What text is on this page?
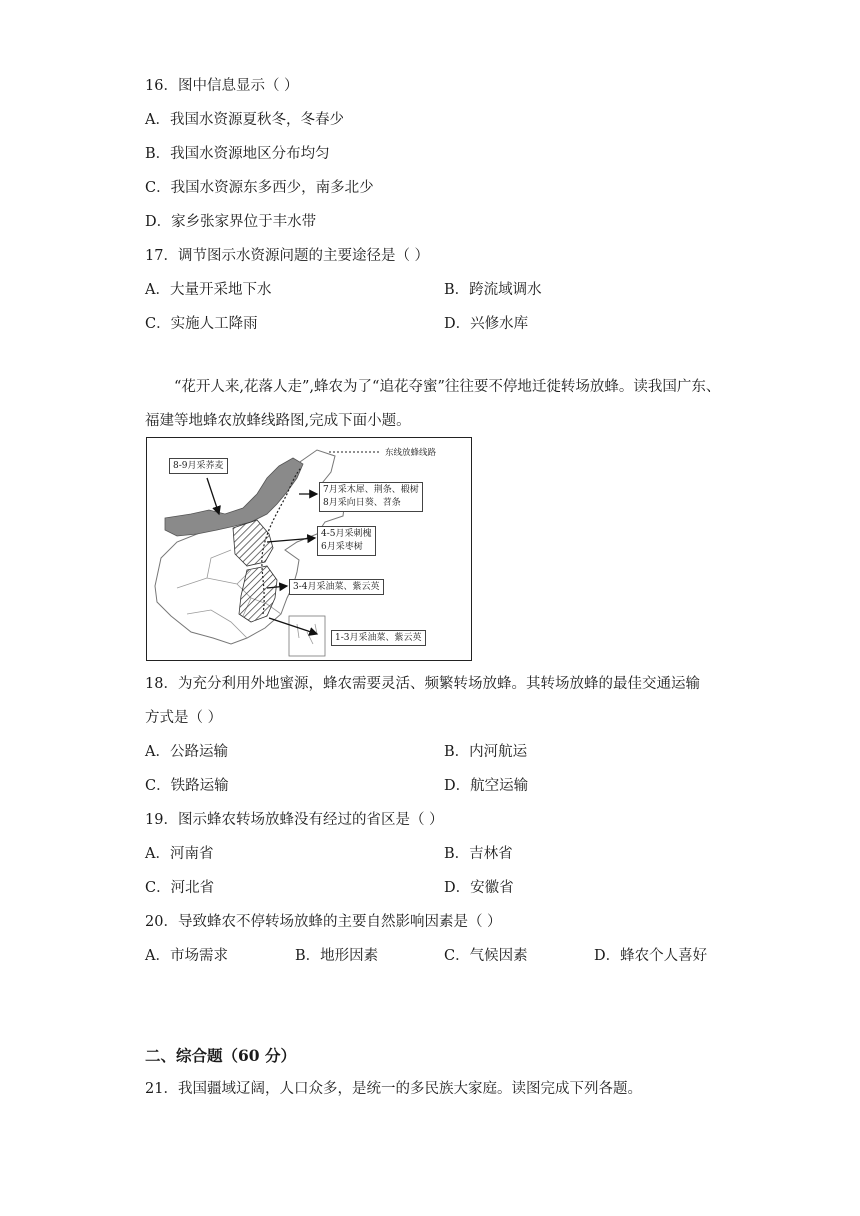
16．图中信息显示（ ）
A．我国水资源夏秋冬，冬春少
B．我国水资源地区分布均匀
C．我国水资源东多西少，南多北少
D．家乡张家界位于丰水带
17．调节图示水资源问题的主要途径是（ ）
A．大量开采地下水	B．跨流域调水
C．实施人工降雨	D．兴修水库
“花开人来,花落人走”,蜂农为了“追花夺蜜”往往要不停地迁徙转场放蜂。读我国广东、福建等地蜂农放蜂线路图,完成下面小题。
东线放蜂线路
8-9月采荞麦
7月采木犀、荆条、椴树
8月采向日葵、苕条
4-5月采刺槐
6月采枣树
3-4月采油菜、紫云英
1-3月采油菜、紫云英
18．为充分利用外地蜜源，蜂农需要灵活、频繁转场放蜂。其转场放蜂的最佳交通运输
方式是（ ）
A．公路运输	B．内河航运
C．铁路运输	D．航空运输
19．图示蜂农转场放蜂没有经过的省区是（ ）
A．河南省	B．吉林省
C．河北省	D．安徽省
20．导致蜂农不停转场放蜂的主要自然影响因素是（ ）
A．市场需求	B．地形因素	C．气候因素	D．蜂农个人喜好
二、综合题（60 分）
21．我国疆域辽阔，人口众多，是统一的多民族大家庭。读图完成下列各题。
